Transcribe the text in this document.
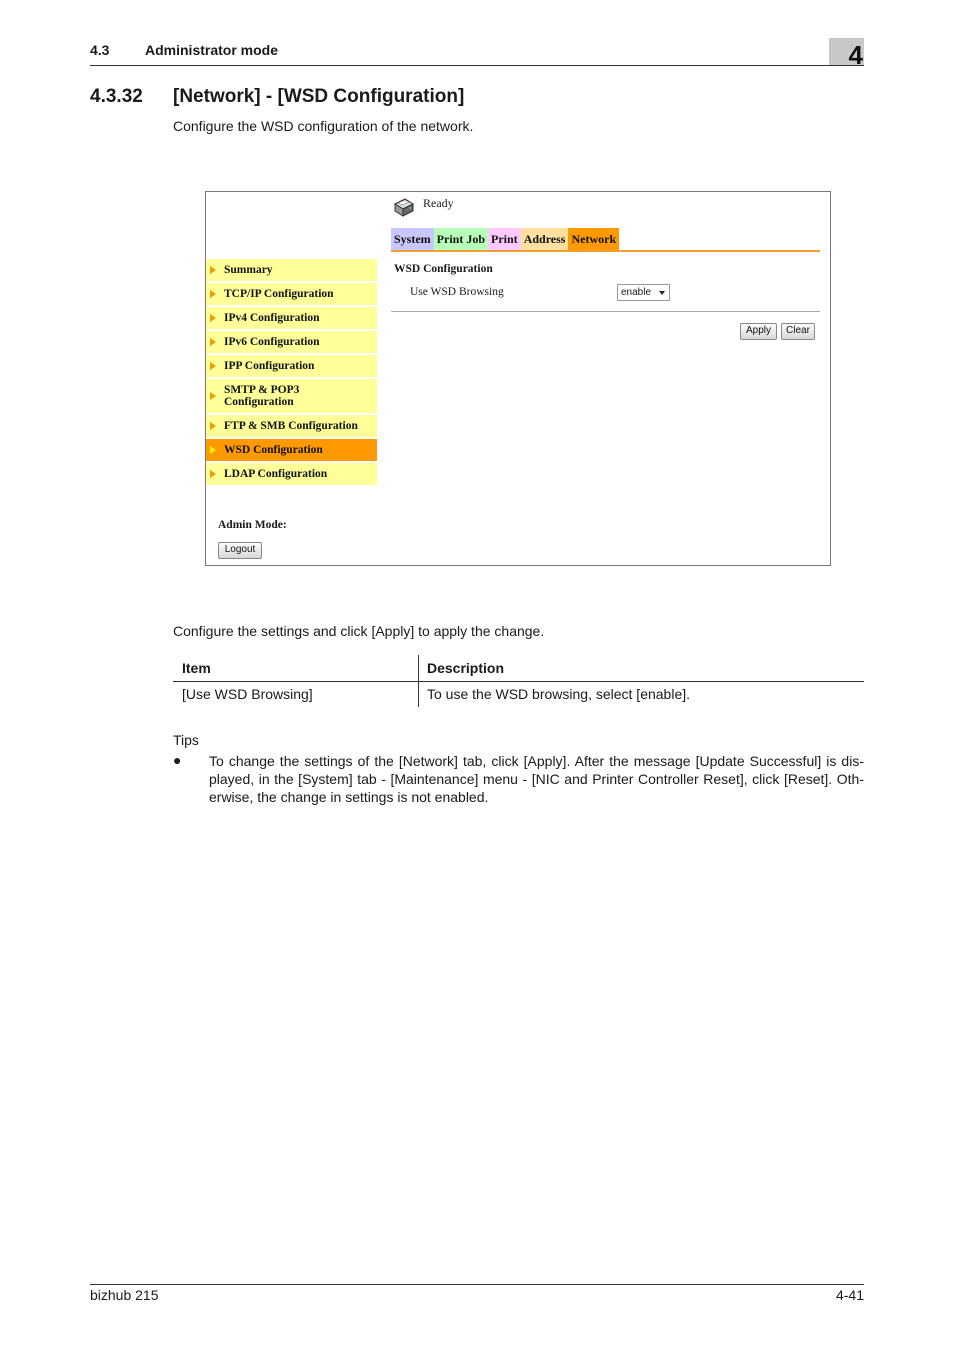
4.3	Administrator mode	4
4.3.32 [Network] - [WSD Configuration]
Configure the WSD configuration of the network.
Ready
System Print Job Print Address Network
Summary
TCP/IP Configuration
IPv4 Configuration
IPv6 Configuration
IPP Configuration
SMTP & POP3 Configuration
FTP & SMB Configuration
WSD Configuration
LDAP Configuration
Admin Mode:
Logout
WSD Configuration
Use WSD Browsing	enable
Apply	Clear
Configure the settings and click [Apply] to apply the change.
Item	Description
[Use WSD Browsing]	To use the WSD browsing, select [enable].
Tips
● To change the settings of the [Network] tab, click [Apply]. After the message [Update Successful] is dis-played, in the [System] tab - [Maintenance] menu - [NIC and Printer Controller Reset], click [Reset]. Oth-erwise, the change in settings is not enabled.
bizhub 215	4-41
